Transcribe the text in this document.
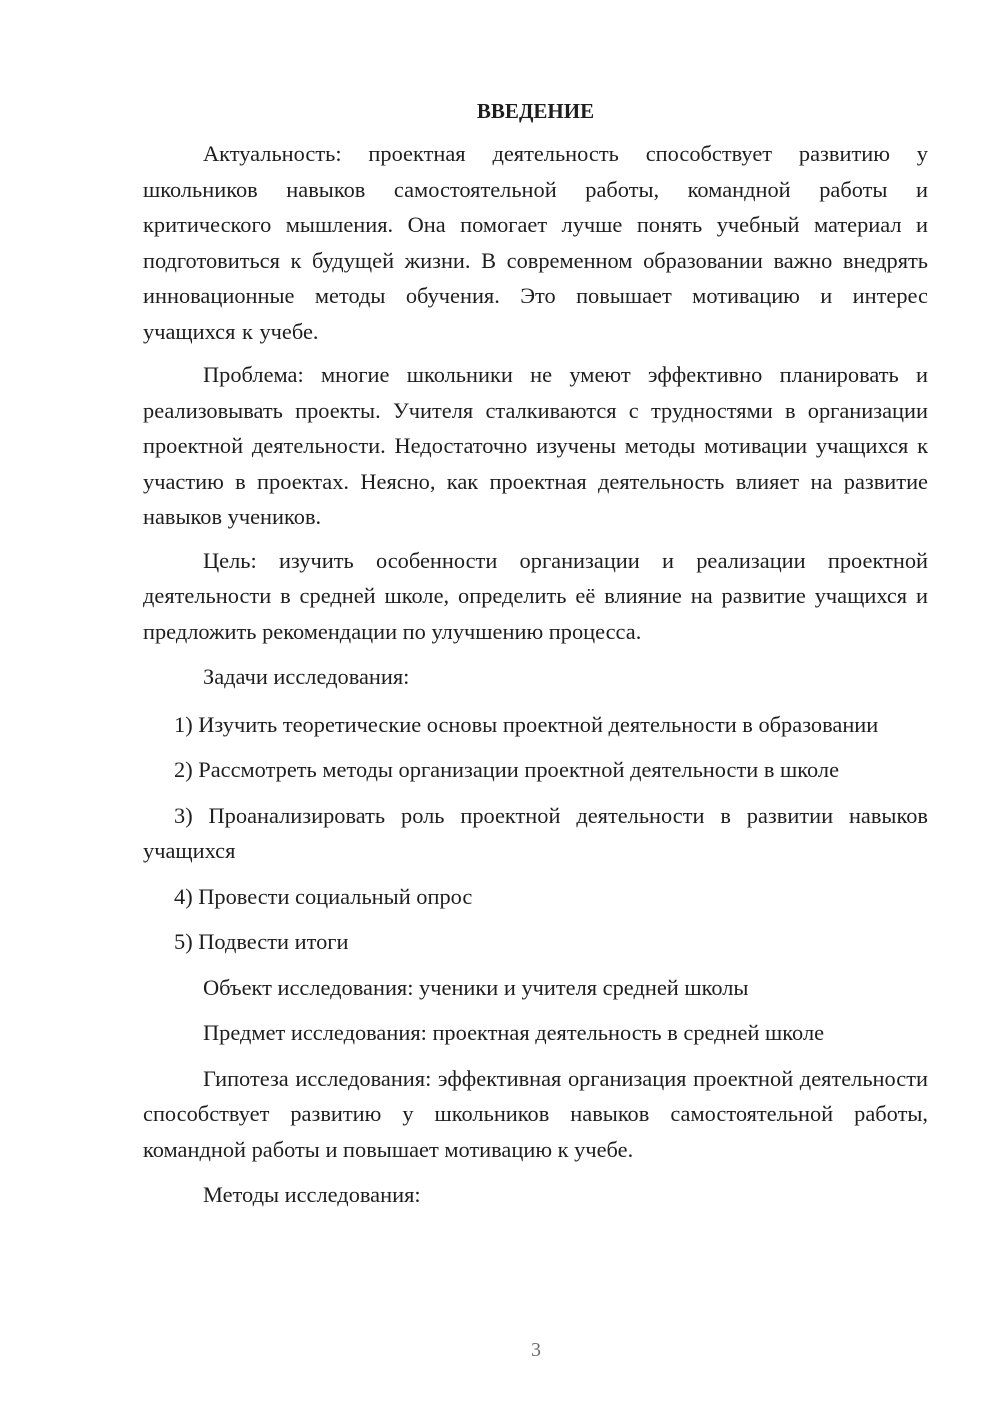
ВВЕДЕНИЕ

Актуальность: проектная деятельность способствует развитию у школьников навыков самостоятельной работы, командной работы и критического мышления. Она помогает лучше понять учебный материал и подготовиться к будущей жизни. В современном образовании важно внедрять инновационные методы обучения. Это повышает мотивацию и интерес учащихся к учебе.

Проблема: многие школьники не умеют эффективно планировать и реализовывать проекты. Учителя сталкиваются с трудностями в организации проектной деятельности. Недостаточно изучены методы мотивации учащихся к участию в проектах. Неясно, как проектная деятельность влияет на развитие навыков учеников.

Цель: изучить особенности организации и реализации проектной деятельности в средней школе, определить её влияние на развитие учащихся и предложить рекомендации по улучшению процесса.

Задачи исследования:

1) Изучить теоретические основы проектной деятельности в образовании

2) Рассмотреть методы организации проектной деятельности в школе

3) Проанализировать роль проектной деятельности в развитии навыков учащихся

4) Провести социальный опрос

5) Подвести итоги

Объект исследования: ученики и учителя средней школы

Предмет исследования: проектная деятельность в средней школе

Гипотеза исследования: эффективная организация проектной деятельности способствует развитию у школьников навыков самостоятельной работы, командной работы и повышает мотивацию к учебе.

Методы исследования:

3
